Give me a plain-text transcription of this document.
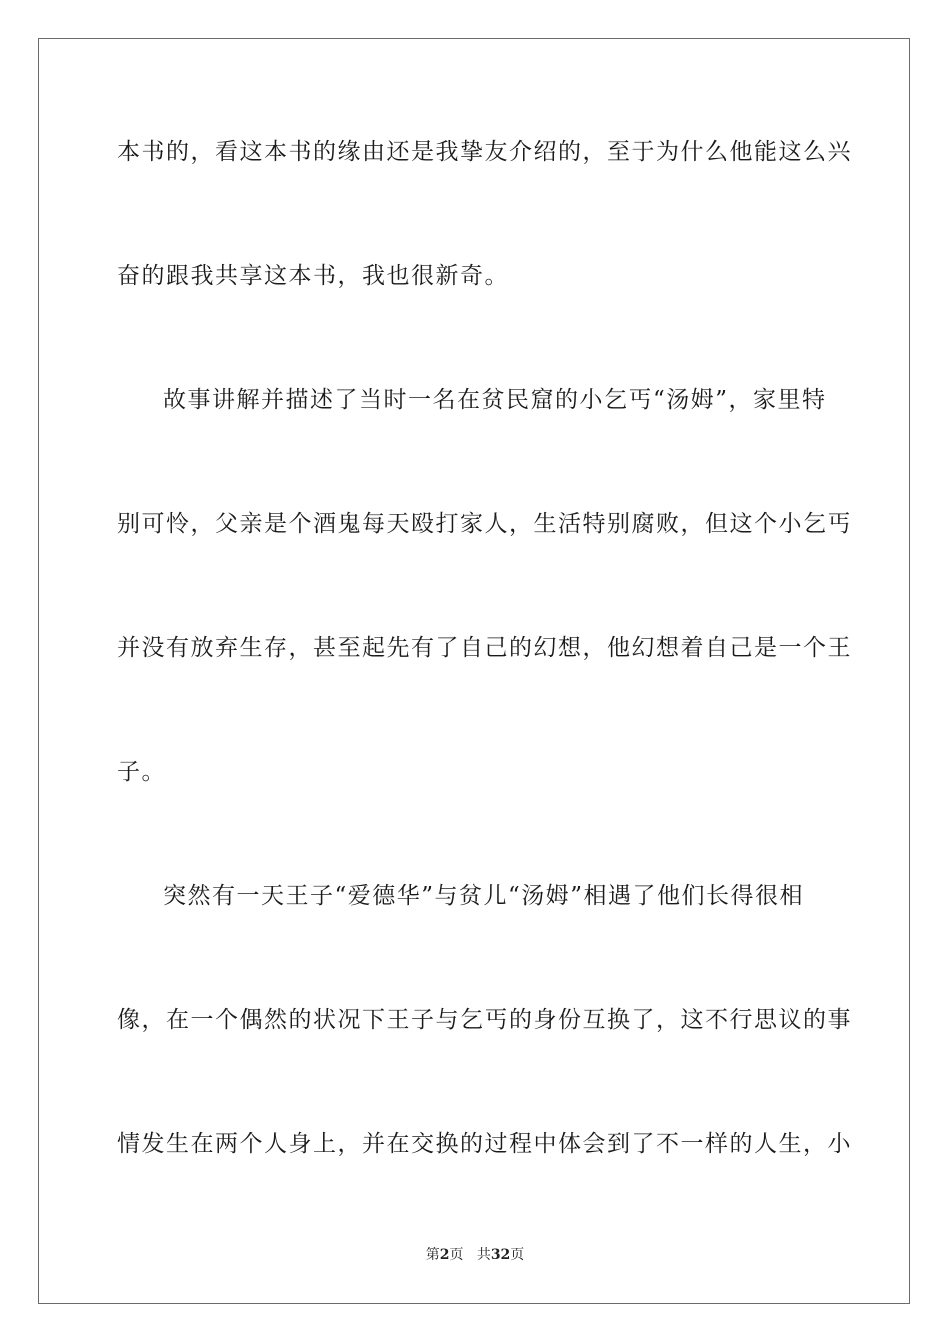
本书的，看这本书的缘由还是我挚友介绍的，至于为什么他能这么兴
奋的跟我共享这本书，我也很新奇。
故事讲解并描述了当时一名在贫民窟的小乞丐“汤姆”，家里特
别可怜，父亲是个酒鬼每天殴打家人，生活特别腐败，但这个小乞丐
并没有放弃生存，甚至起先有了自己的幻想，他幻想着自己是一个王
子。
突然有一天王子“爱德华”与贫儿“汤姆”相遇了他们长得很相
像，在一个偶然的状况下王子与乞丐的身份互换了，这不行思议的事
情发生在两个人身上，并在交换的过程中体会到了不一样的人生，小
第2页 共32页
